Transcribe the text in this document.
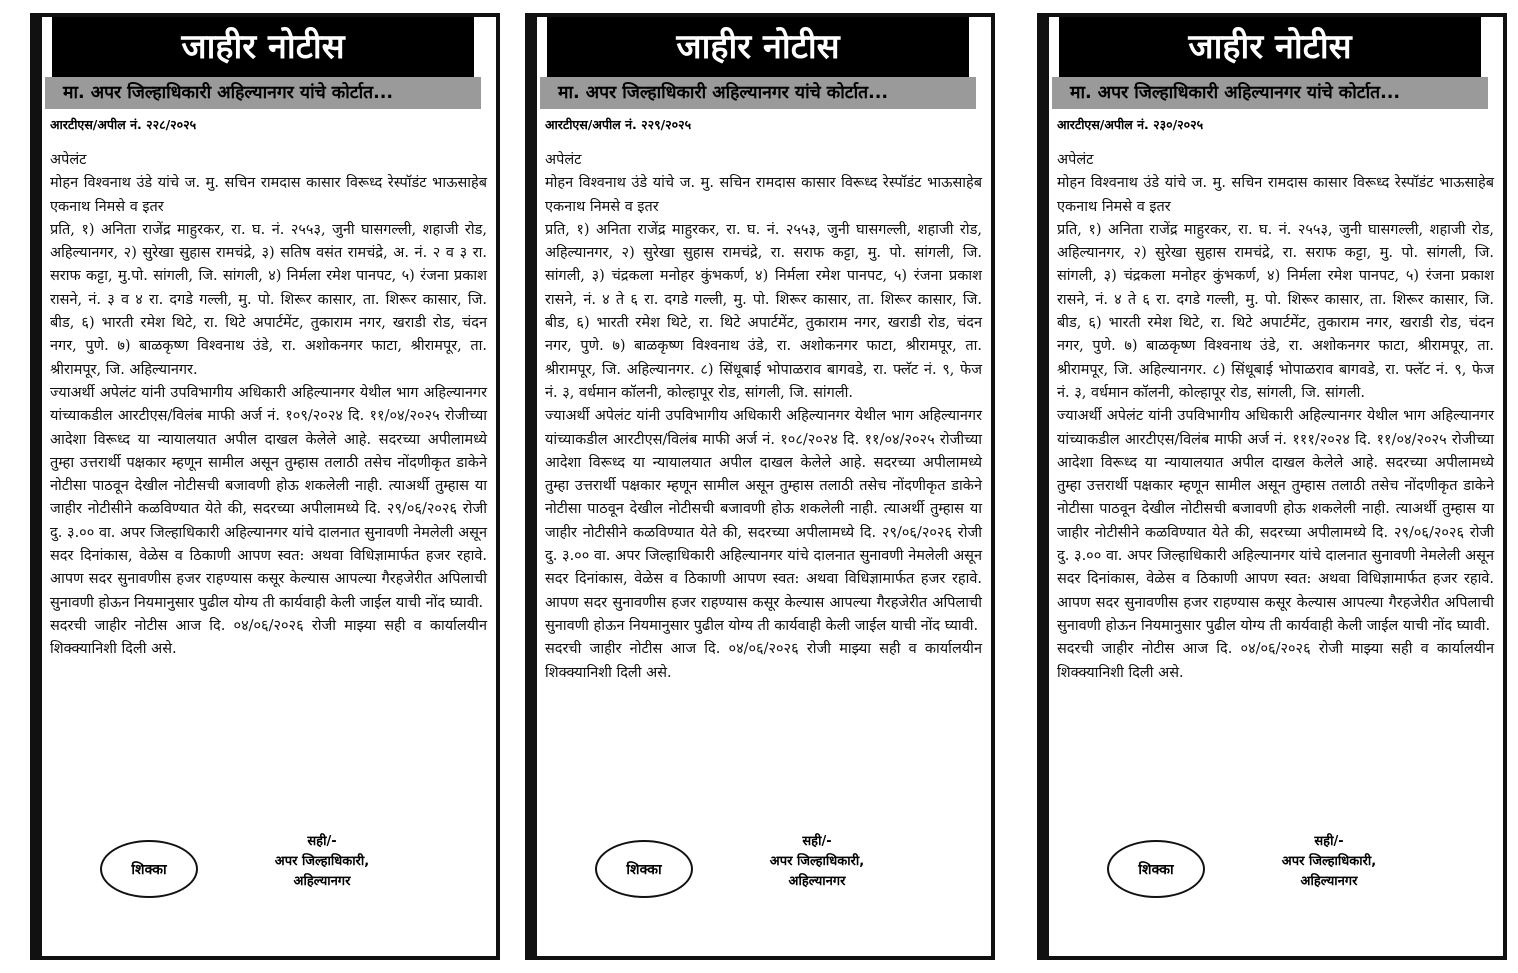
जाहीर नोटीस
मा. अपर जिल्हाधिकारी अहिल्यानगर यांचे कोर्टात...
आरटीएस/अपील नं. २२८/२०२५

अपेलंट

मोहन विश्वनाथ उंडे यांचे ज. मु. सचिन रामदास कासार विरूध्द रेस्पॉडंट भाऊसाहेब एकनाथ निमसे व इतर

प्रति, १) अनिता राजेंद्र माहुरकर, रा. घ. नं. २५५३, जुनी घासगल्ली, शहाजी रोड, अहिल्यानगर, २) सुरेखा सुहास रामचंद्रे, ३) सतिष वसंत रामचंद्रे, अ. नं. २ व ३ रा. सराफ कट्टा, मु.पो. सांगली, जि. सांगली, ४) निर्मला रमेश पानपट, ५) रंजना प्रकाश रासने, नं. ३ व ४ रा. दगडे गल्ली, मु. पो. शिरूर कासार, ता. शिरूर कासार, जि. बीड, ६) भारती रमेश थिटे, रा. थिटे अपार्टमेंट, तुकाराम नगर, खराडी रोड, चंदन नगर, पुणे. ७) बाळकृष्ण विश्वनाथ उंडे, रा. अशोकनगर फाटा, श्रीरामपूर, ता. श्रीरामपूर, जि. अहिल्यानगर.

ज्याअर्थी अपेलंट यांनी उपविभागीय अधिकारी अहिल्यानगर येथील भाग अहिल्यानगर यांच्याकडील आरटीएस/विलंब माफी अर्ज नं. १०९/२०२४ दि. ११/०४/२०२५ रोजीच्या आदेशा विरूध्द या न्यायालयात अपील दाखल केलेले आहे. सदरच्या अपीलामध्ये तुम्हा उत्तरार्थी पक्षकार म्हणून सामील असून तुम्हास तलाठी तसेच नोंदणीकृत डाकेने नोटीसा पाठवून देखील नोटीसची बजावणी होऊ शकलेली नाही. त्याअर्थी तुम्हास या जाहीर नोटीसीने कळविण्यात येते की, सदरच्या अपीलामध्ये दि. २९/०६/२०२६ रोजी दु. ३.०० वा. अपर जिल्हाधिकारी अहिल्यानगर यांचे दालनात सुनावणी नेमलेली असून सदर दिनांकास, वेळेस व ठिकाणी आपण स्वत: अथवा विधिज्ञामार्फत हजर रहावे. आपण सदर सुनावणीस हजर राहण्यास कसूर केल्यास आपल्या गैरहजेरीत अपिलाची सुनावणी होऊन नियमानुसार पुढील योग्य ती कार्यवाही केली जाईल याची नोंद घ्यावी.

सदरची जाहीर नोटीस आज दि. ०४/०६/२०२६ रोजी माझ्या सही व कार्यालयीन शिक्क्यानिशी दिली असे.

शिक्का
सही/-
अपर जिल्हाधिकारी,
अहिल्यानगर
जाहीर नोटीस
मा. अपर जिल्हाधिकारी अहिल्यानगर यांचे कोर्टात...
आरटीएस/अपील नं. २२९/२०२५

अपेलंट

मोहन विश्वनाथ उंडे यांचे ज. मु. सचिन रामदास कासार विरूध्द रेस्पॉडंट भाऊसाहेब एकनाथ निमसे व इतर

प्रति, १) अनिता राजेंद्र माहुरकर, रा. घ. नं. २५५३, जुनी घासगल्ली, शहाजी रोड, अहिल्यानगर, २) सुरेखा सुहास रामचंद्रे, रा. सराफ कट्टा, मु. पो. सांगली, जि. सांगली, ३) चंद्रकला मनोहर कुंभकर्ण, ४) निर्मला रमेश पानपट, ५) रंजना प्रकाश रासने, नं. ४ ते ६ रा. दगडे गल्ली, मु. पो. शिरूर कासार, ता. शिरूर कासार, जि. बीड, ६) भारती रमेश थिटे, रा. थिटे अपार्टमेंट, तुकाराम नगर, खराडी रोड, चंदन नगर, पुणे. ७) बाळकृष्ण विश्वनाथ उंडे, रा. अशोकनगर फाटा, श्रीरामपूर, ता. श्रीरामपूर, जि. अहिल्यानगर. ८) सिंधूबाई भोपाळराव बागवडे, रा. फ्लॅट नं. ९, फेज नं. ३, वर्धमान कॉलनी, कोल्हापूर रोड, सांगली, जि. सांगली.

ज्याअर्थी अपेलंट यांनी उपविभागीय अधिकारी अहिल्यानगर येथील भाग अहिल्यानगर यांच्याकडील आरटीएस/विलंब माफी अर्ज नं. १०८/२०२४ दि. ११/०४/२०२५ रोजीच्या आदेशा विरूध्द या न्यायालयात अपील दाखल केलेले आहे. सदरच्या अपीलामध्ये तुम्हा उत्तरार्थी पक्षकार म्हणून सामील असून तुम्हास तलाठी तसेच नोंदणीकृत डाकेने नोटीसा पाठवून देखील नोटीसची बजावणी होऊ शकलेली नाही. त्याअर्थी तुम्हास या जाहीर नोटीसीने कळविण्यात येते की, सदरच्या अपीलामध्ये दि. २९/०६/२०२६ रोजी दु. ३.०० वा. अपर जिल्हाधिकारी अहिल्यानगर यांचे दालनात सुनावणी नेमलेली असून सदर दिनांकास, वेळेस व ठिकाणी आपण स्वत: अथवा विधिज्ञामार्फत हजर रहावे. आपण सदर सुनावणीस हजर राहण्यास कसूर केल्यास आपल्या गैरहजेरीत अपिलाची सुनावणी होऊन नियमानुसार पुढील योग्य ती कार्यवाही केली जाईल याची नोंद घ्यावी.

सदरची जाहीर नोटीस आज दि. ०४/०६/२०२६ रोजी माझ्या सही व कार्यालयीन शिक्क्यानिशी दिली असे.

शिक्का
सही/-
अपर जिल्हाधिकारी,
अहिल्यानगर
जाहीर नोटीस
मा. अपर जिल्हाधिकारी अहिल्यानगर यांचे कोर्टात...
आरटीएस/अपील नं. २३०/२०२५

अपेलंट

मोहन विश्वनाथ उंडे यांचे ज. मु. सचिन रामदास कासार विरूध्द रेस्पॉडंट भाऊसाहेब एकनाथ निमसे व इतर

प्रति, १) अनिता राजेंद्र माहुरकर, रा. घ. नं. २५५३, जुनी घासगल्ली, शहाजी रोड, अहिल्यानगर, २) सुरेखा सुहास रामचंद्रे, रा. सराफ कट्टा, मु. पो. सांगली, जि. सांगली, ३) चंद्रकला मनोहर कुंभकर्ण, ४) निर्मला रमेश पानपट, ५) रंजना प्रकाश रासने, नं. ४ ते ६ रा. दगडे गल्ली, मु. पो. शिरूर कासार, ता. शिरूर कासार, जि. बीड, ६) भारती रमेश थिटे, रा. थिटे अपार्टमेंट, तुकाराम नगर, खराडी रोड, चंदन नगर, पुणे. ७) बाळकृष्ण विश्वनाथ उंडे, रा. अशोकनगर फाटा, श्रीरामपूर, ता. श्रीरामपूर, जि. अहिल्यानगर. ८) सिंधूबाई भोपाळराव बागवडे, रा. फ्लॅट नं. ९, फेज नं. ३, वर्धमान कॉलनी, कोल्हापूर रोड, सांगली, जि. सांगली.

ज्याअर्थी अपेलंट यांनी उपविभागीय अधिकारी अहिल्यानगर येथील भाग अहिल्यानगर यांच्याकडील आरटीएस/विलंब माफी अर्ज नं. १११/२०२४ दि. ११/०४/२०२५ रोजीच्या आदेशा विरूध्द या न्यायालयात अपील दाखल केलेले आहे. सदरच्या अपीलामध्ये तुम्हा उत्तरार्थी पक्षकार म्हणून सामील असून तुम्हास तलाठी तसेच नोंदणीकृत डाकेने नोटीसा पाठवून देखील नोटीसची बजावणी होऊ शकलेली नाही. त्याअर्थी तुम्हास या जाहीर नोटीसीने कळविण्यात येते की, सदरच्या अपीलामध्ये दि. २९/०६/२०२६ रोजी दु. ३.०० वा. अपर जिल्हाधिकारी अहिल्यानगर यांचे दालनात सुनावणी नेमलेली असून सदर दिनांकास, वेळेस व ठिकाणी आपण स्वत: अथवा विधिज्ञामार्फत हजर रहावे. आपण सदर सुनावणीस हजर राहण्यास कसूर केल्यास आपल्या गैरहजेरीत अपिलाची सुनावणी होऊन नियमानुसार पुढील योग्य ती कार्यवाही केली जाईल याची नोंद घ्यावी.

सदरची जाहीर नोटीस आज दि. ०४/०६/२०२६ रोजी माझ्या सही व कार्यालयीन शिक्क्यानिशी दिली असे.

शिक्का
सही/-
अपर जिल्हाधिकारी,
अहिल्यानगर
